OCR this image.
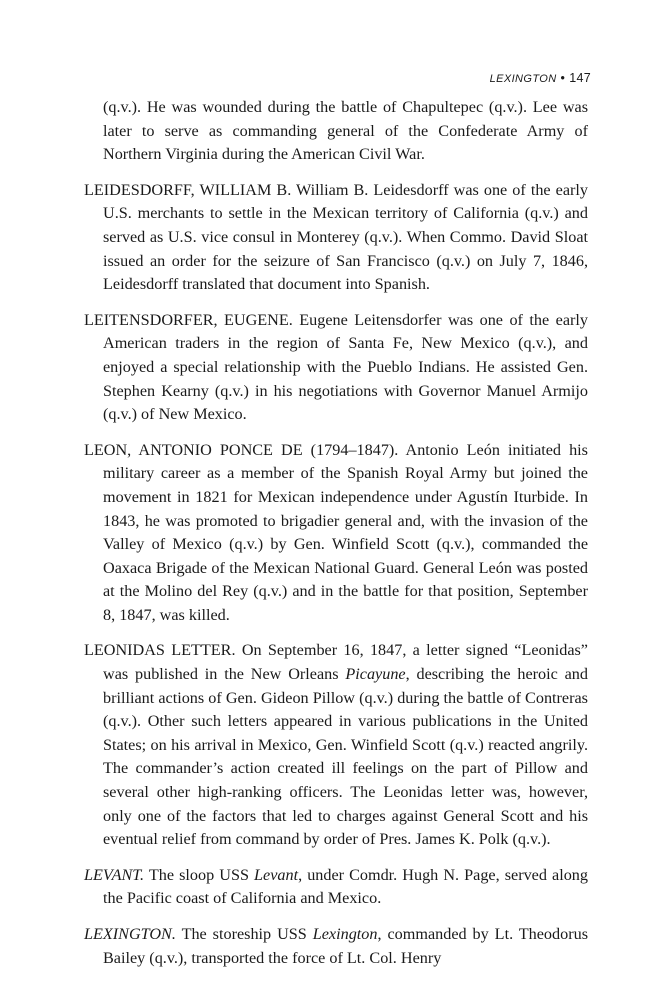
LEXINGTON • 147

(q.v.). He was wounded during the battle of Chapultepec (q.v.). Lee was later to serve as commanding general of the Confederate Army of Northern Virginia during the American Civil War.

LEIDESDORFF, WILLIAM B. William B. Leidesdorff was one of the early U.S. merchants to settle in the Mexican territory of California (q.v.) and served as U.S. vice consul in Monterey (q.v.). When Commo. David Sloat issued an order for the seizure of San Francisco (q.v.) on July 7, 1846, Leidesdorff translated that document into Spanish.

LEITENSDORFER, EUGENE. Eugene Leitensdorfer was one of the early American traders in the region of Santa Fe, New Mexico (q.v.), and enjoyed a special relationship with the Pueblo Indians. He assisted Gen. Stephen Kearny (q.v.) in his negotiations with Governor Manuel Armijo (q.v.) of New Mexico.

LEON, ANTONIO PONCE DE (1794–1847). Antonio León initiated his military career as a member of the Spanish Royal Army but joined the movement in 1821 for Mexican independence under Agustín Iturbide. In 1843, he was promoted to brigadier general and, with the invasion of the Valley of Mexico (q.v.) by Gen. Winfield Scott (q.v.), commanded the Oaxaca Brigade of the Mexican National Guard. General León was posted at the Molino del Rey (q.v.) and in the battle for that position, September 8, 1847, was killed.

LEONIDAS LETTER. On September 16, 1847, a letter signed “Leonidas” was published in the New Orleans Picayune, describing the heroic and brilliant actions of Gen. Gideon Pillow (q.v.) during the battle of Contreras (q.v.). Other such letters appeared in various publications in the United States; on his arrival in Mexico, Gen. Winfield Scott (q.v.) reacted angrily. The commander’s action created ill feelings on the part of Pillow and several other high-ranking officers. The Leonidas letter was, however, only one of the factors that led to charges against General Scott and his eventual relief from command by order of Pres. James K. Polk (q.v.).

LEVANT. The sloop USS Levant, under Comdr. Hugh N. Page, served along the Pacific coast of California and Mexico.

LEXINGTON. The storeship USS Lexington, commanded by Lt. Theodorus Bailey (q.v.), transported the force of Lt. Col. Henry
